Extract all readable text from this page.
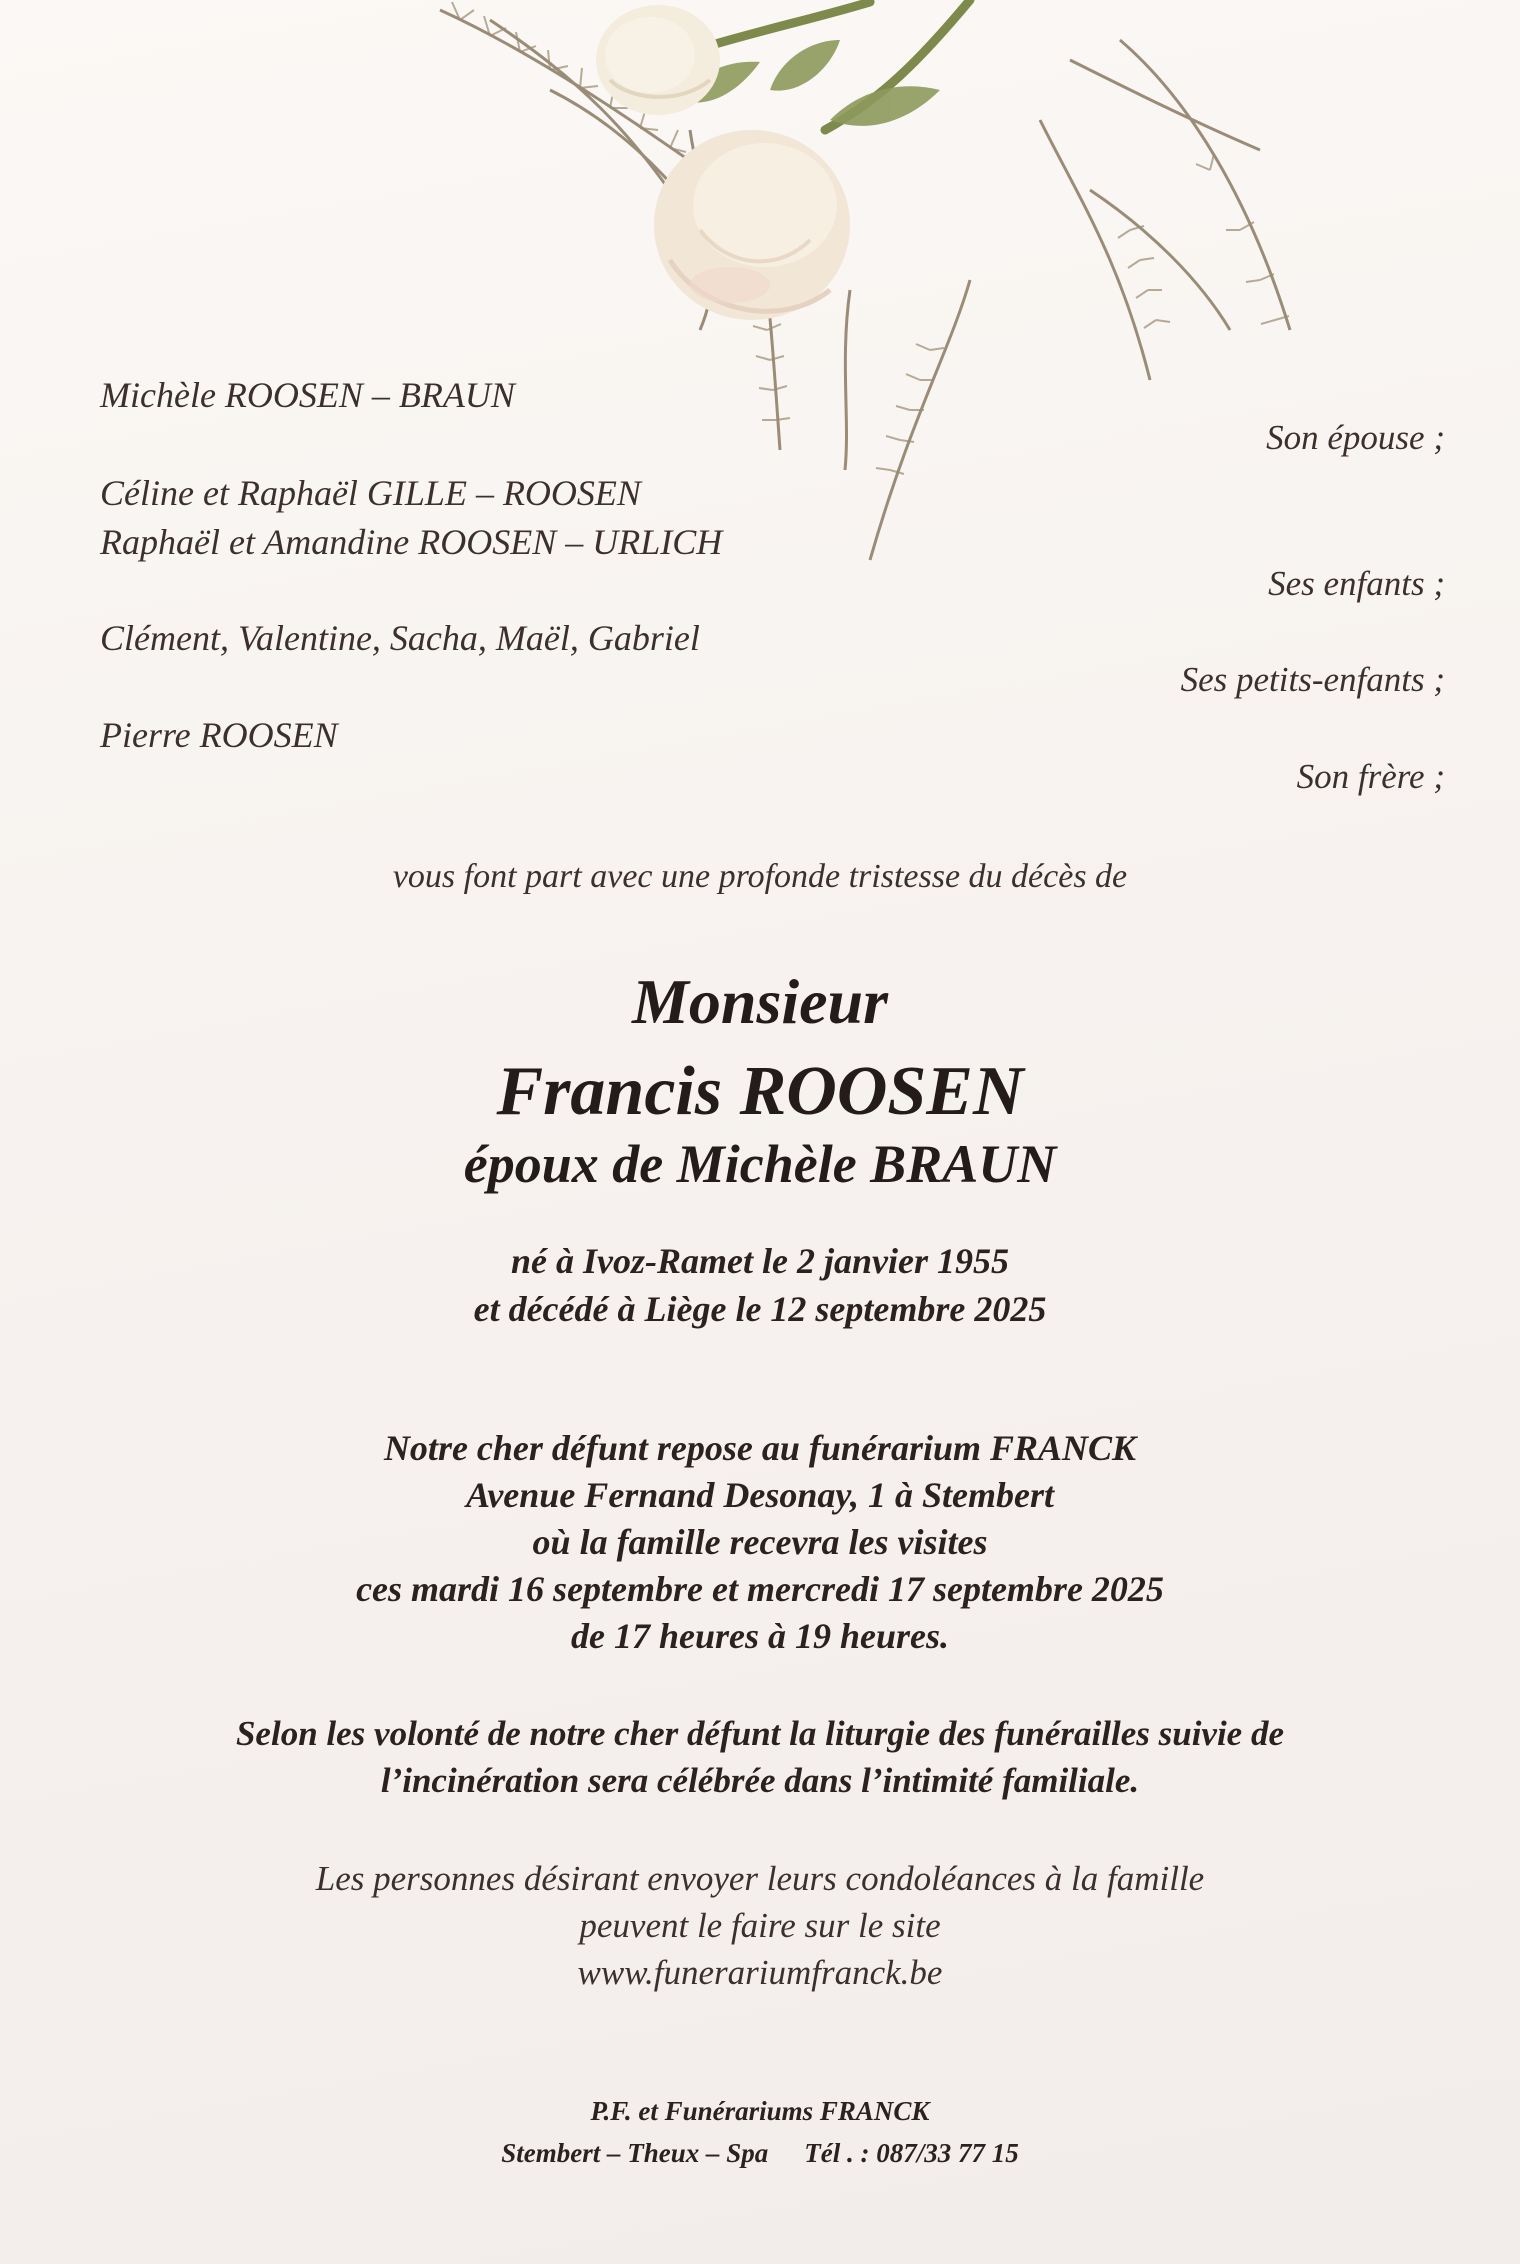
Michèle ROOSEN – BRAUN
Céline et Raphaël GILLE – ROOSEN
Raphaël et Amandine ROOSEN – URLICH
Clément, Valentine, Sacha, Maël, Gabriel
Pierre ROOSEN
Son épouse ;
Ses enfants ;
Ses petits-enfants ;
Son frère ;
vous font part avec une profonde tristesse du décès de
Monsieur
Francis ROOSEN
époux de Michèle BRAUN
né à Ivoz-Ramet le 2 janvier 1955
et décédé à Liège le 12 septembre 2025
Notre cher défunt repose au funérarium FRANCK
Avenue Fernand Desonay, 1 à Stembert
où la famille recevra les visites
ces mardi 16 septembre et mercredi 17 septembre 2025
de 17 heures à 19 heures.
Selon les volonté de notre cher défunt la liturgie des funérailles suivie de
l’incinération sera célébrée dans l’intimité familiale.
Les personnes désirant envoyer leurs condoléances à la famille
peuvent le faire sur le site
www.funerariumfranck.be
P.F. et Funérariums FRANCK
Stembert – Theux – Spa Tél . : 087/33 77 15
